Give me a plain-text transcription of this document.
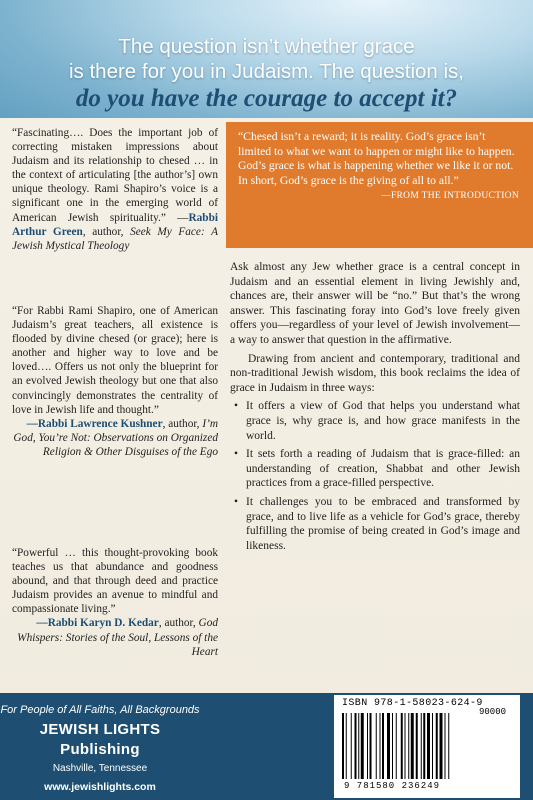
The question isn’t whether grace
is there for you in Judaism. The question is,
do you have the courage to accept it?
“Fascinating…. Does the important job of correcting mistaken impressions about Judaism and its relationship to chesed … in the context of articulating [the author’s] own unique theology. Rami Shapiro’s voice is a significant one in the emerging world of American Jewish spirituality.” —Rabbi Arthur Green, author, Seek My Face: A Jewish Mystical Theology
“For Rabbi Rami Shapiro, one of American Judaism’s great teachers, all existence is flooded by divine chesed (or grace); here is another and higher way to love and be loved…. Offers us not only the blueprint for an evolved Jewish theology but one that also convincingly demonstrates the centrality of love in Jewish life and thought.”
—Rabbi Lawrence Kushner, author, I’m God, You’re Not: Observations on Organized Religion & Other Disguises of the Ego
“Powerful … this thought-provoking book teaches us that abundance and goodness abound, and that through deed and practice Judaism provides an avenue to mindful and compassionate living.”
—Rabbi Karyn D. Kedar, author, God Whispers: Stories of the Soul, Lessons of the Heart
“Chesed isn’t a reward; it is reality. God’s grace isn’t limited to what we want to happen or might like to happen. God’s grace is what is happening whether we like it or not. In short, God’s grace is the giving of all to all.”
—FROM THE INTRODUCTION

Ask almost any Jew whether grace is a central concept in Judaism and an essential element in living Jewishly and, chances are, their answer will be “no.” But that’s the wrong answer. This fascinating foray into God’s love freely given offers you—regardless of your level of Jewish involvement—a way to answer that question in the affirmative.

Drawing from ancient and contemporary, traditional and non-traditional Jewish wisdom, this book reclaims the idea of grace in Judaism in three ways:

• It offers a view of God that helps you understand what grace is, why grace is, and how grace manifests in the world.
• It sets forth a reading of Judaism that is grace-filled: an understanding of creation, Shabbat and other Jewish practices from a grace-filled perspective.
• It challenges you to be embraced and transformed by grace, and to live life as a vehicle for God’s grace, thereby fulfilling the promise of being created in God’s image and likeness.
For People of All Faiths, All Backgrounds
JEWISH LIGHTS Publishing
Nashville, Tennessee
www.jewishlights.com
ISBN 978-1-58023-624-9
90000
9 781580 236249
